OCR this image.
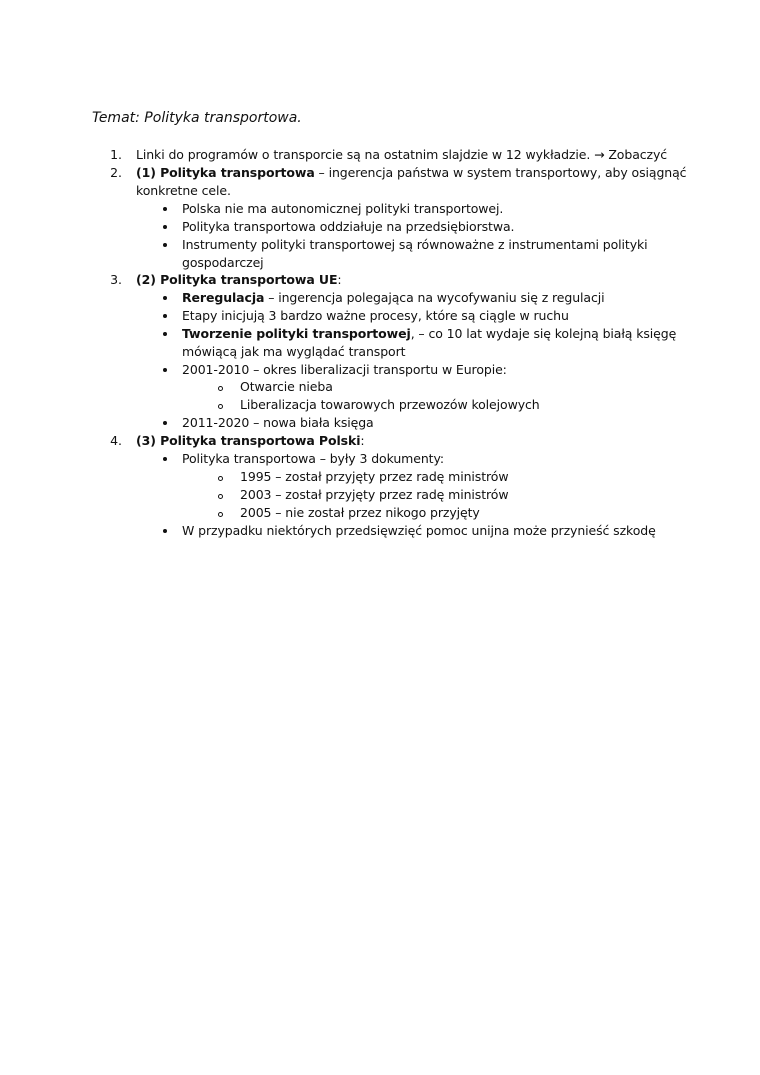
Temat: Polityka transportowa.
1. Linki do programów o transporcie są na ostatnim slajdzie w 12 wykładzie. → Zobaczyć
2. (1) Polityka transportowa – ingerencja państwa w system transportowy, aby osiągnąć
konkretne cele.
Polska nie ma autonomicznej polityki transportowej.
Polityka transportowa oddziałuje na przedsiębiorstwa.
Instrumenty polityki transportowej są równoważne z instrumentami polityki
gospodarczej
3. (2) Polityka transportowa UE:
Reregulacja – ingerencja polegająca na wycofywaniu się z regulacji
Etapy inicjują 3 bardzo ważne procesy, które są ciągle w ruchu
Tworzenie polityki transportowej, – co 10 lat wydaje się kolejną białą księgę
mówiącą jak ma wyglądać transport
2001-2010 – okres liberalizacji transportu w Europie:
Otwarcie nieba
Liberalizacja towarowych przewozów kolejowych
2011-2020 – nowa biała księga
4. (3) Polityka transportowa Polski:
Polityka transportowa – były 3 dokumenty:
1995 – został przyjęty przez radę ministrów
2003 – został przyjęty przez radę ministrów
2005 – nie został przez nikogo przyjęty
W przypadku niektórych przedsięwzięć pomoc unijna może przynieść szkodę
